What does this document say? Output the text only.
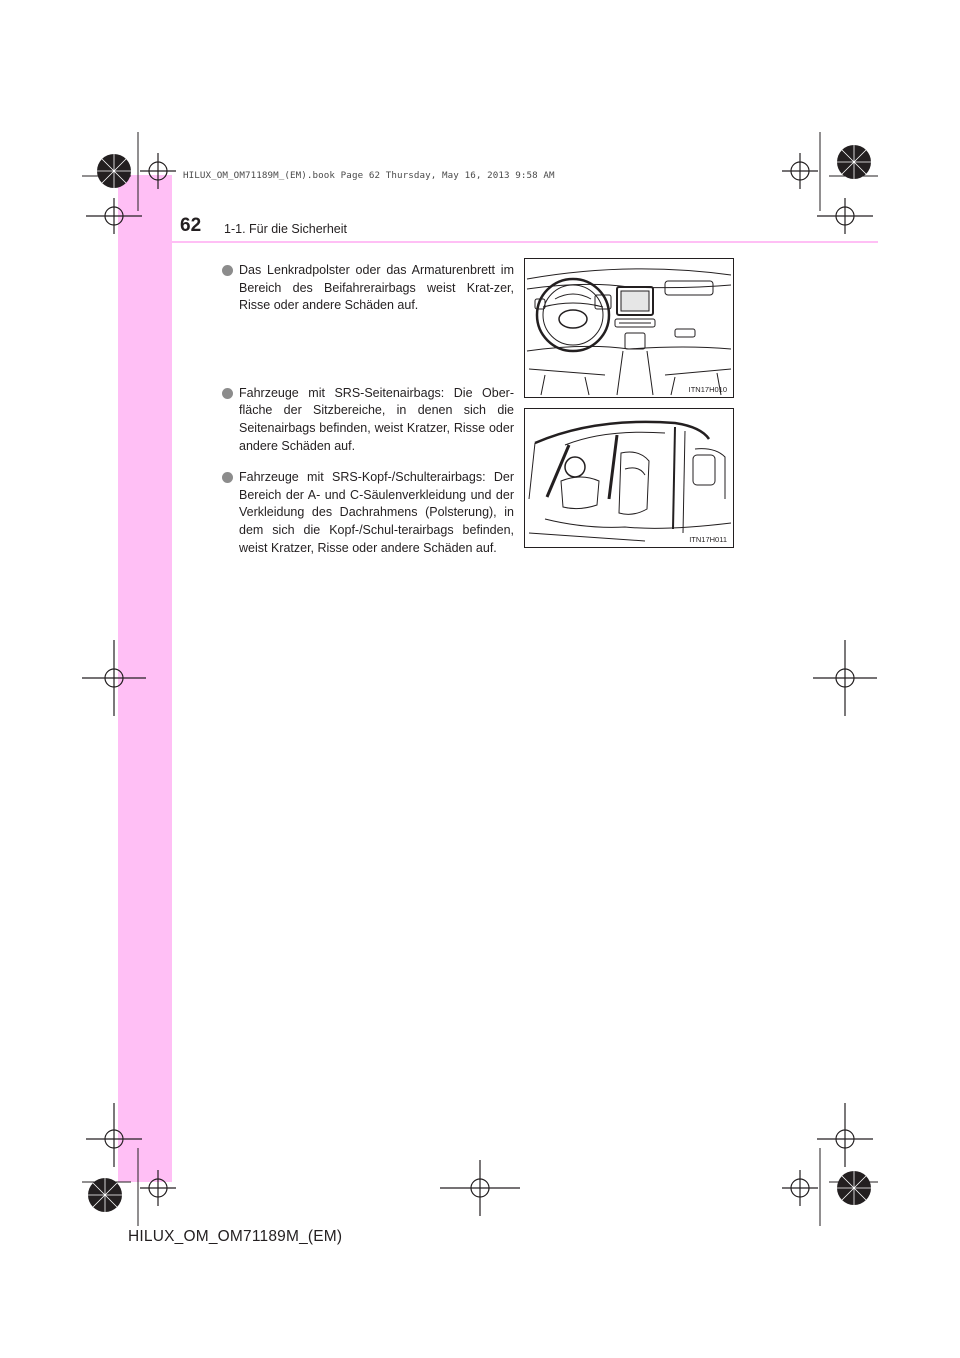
HILUX_OM_OM71189M_(EM).book Page 62 Thursday, May 16, 2013 9:58 AM
62 1-1. Für die Sicherheit
Das Lenkradpolster oder das Armaturenbrett im Bereich des Beifahrerairbags weist Krat-zer, Risse oder andere Schäden auf.
Fahrzeuge mit SRS-Seitenairbags: Die Ober-fläche der Sitzbereiche, in denen sich die Seitenairbags befinden, weist Kratzer, Risse oder andere Schäden auf.
Fahrzeuge mit SRS-Kopf-/Schulterairbags: Der Bereich der A- und C-Säulenverkleidung und der Verkleidung des Dachrahmens (Polsterung), in dem sich die Kopf-/Schul-terairbags befinden, weist Kratzer, Risse oder andere Schäden auf.
ITN17H010
ITN17H011
HILUX_OM_OM71189M_(EM)
